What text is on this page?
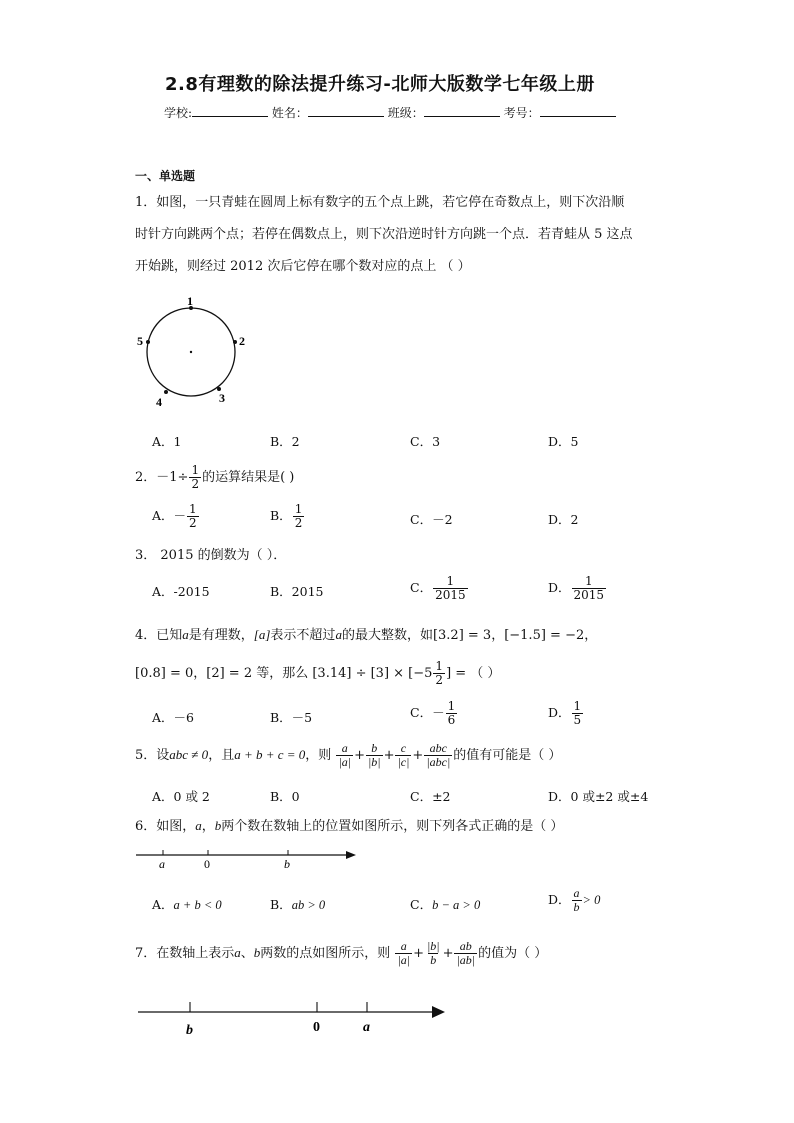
2.8有理数的除法提升练习-北师大版数学七年级上册
学校:	姓名：	班级：	考号：
一、单选题
1．如图，一只青蛙在圆周上标有数字的五个点上跳，若它停在奇数点上，则下次沿顺
时针方向跳两个点；若停在偶数点上，则下次沿逆时针方向跳一个点．若青蛙从 5 这点
开始跳，则经过 2012 次后它停在哪个数对应的点上 （ ）
1
2
3
4
5
A．1	B．2	C．3	D．5
2．$-1\div \frac{1}{2}$ 的运算结果是( )
A．－ $\frac{1}{2}$	B． $\frac{1}{2}$	C．－2	D．2
3． 2015 的倒数为（ ）．
A．-2015	B．2015	C． $\frac{1}{2015}$	D． $\frac{1}{2015}$
4．已知a是有理数，[a]表示不超过a的最大整数，如[3.2] = 3，[−1.5] = −2，
[0.8] = 0，[2] = 2 等，那么 $[3.14] \div [3] \times [-5 \frac{1}{2}$ ] = （ ）
A．－6	B．－5	C．－ $\frac{1}{6}$	D． $\frac{1}{5}$
5．设abc ≠ 0，且a + b + c = 0，则 $\frac{a}{|a|} + \frac{b}{|b|} + \frac{c}{|c|} + \frac{\text{abc}}{\text{|abc|}}$ 的值有可能是（ ）
A．0 或 2	B．0	C．±2	D．0 或±2 或±4
6．如图，a，b两个数在数轴上的位置如图所示，则下列各式正确的是（ ）
a	0	b
A．a + b < 0	B．ab > 0	C．b − a > 0	D． $\frac{a}{b} > 0$
7．在数轴上表示a、b两数的点如图所示，则 $\frac{a}{|a|} + \frac{|b|}{b} + \frac{ab}{|ab|}$ 的值为（ ）
b	0	a
